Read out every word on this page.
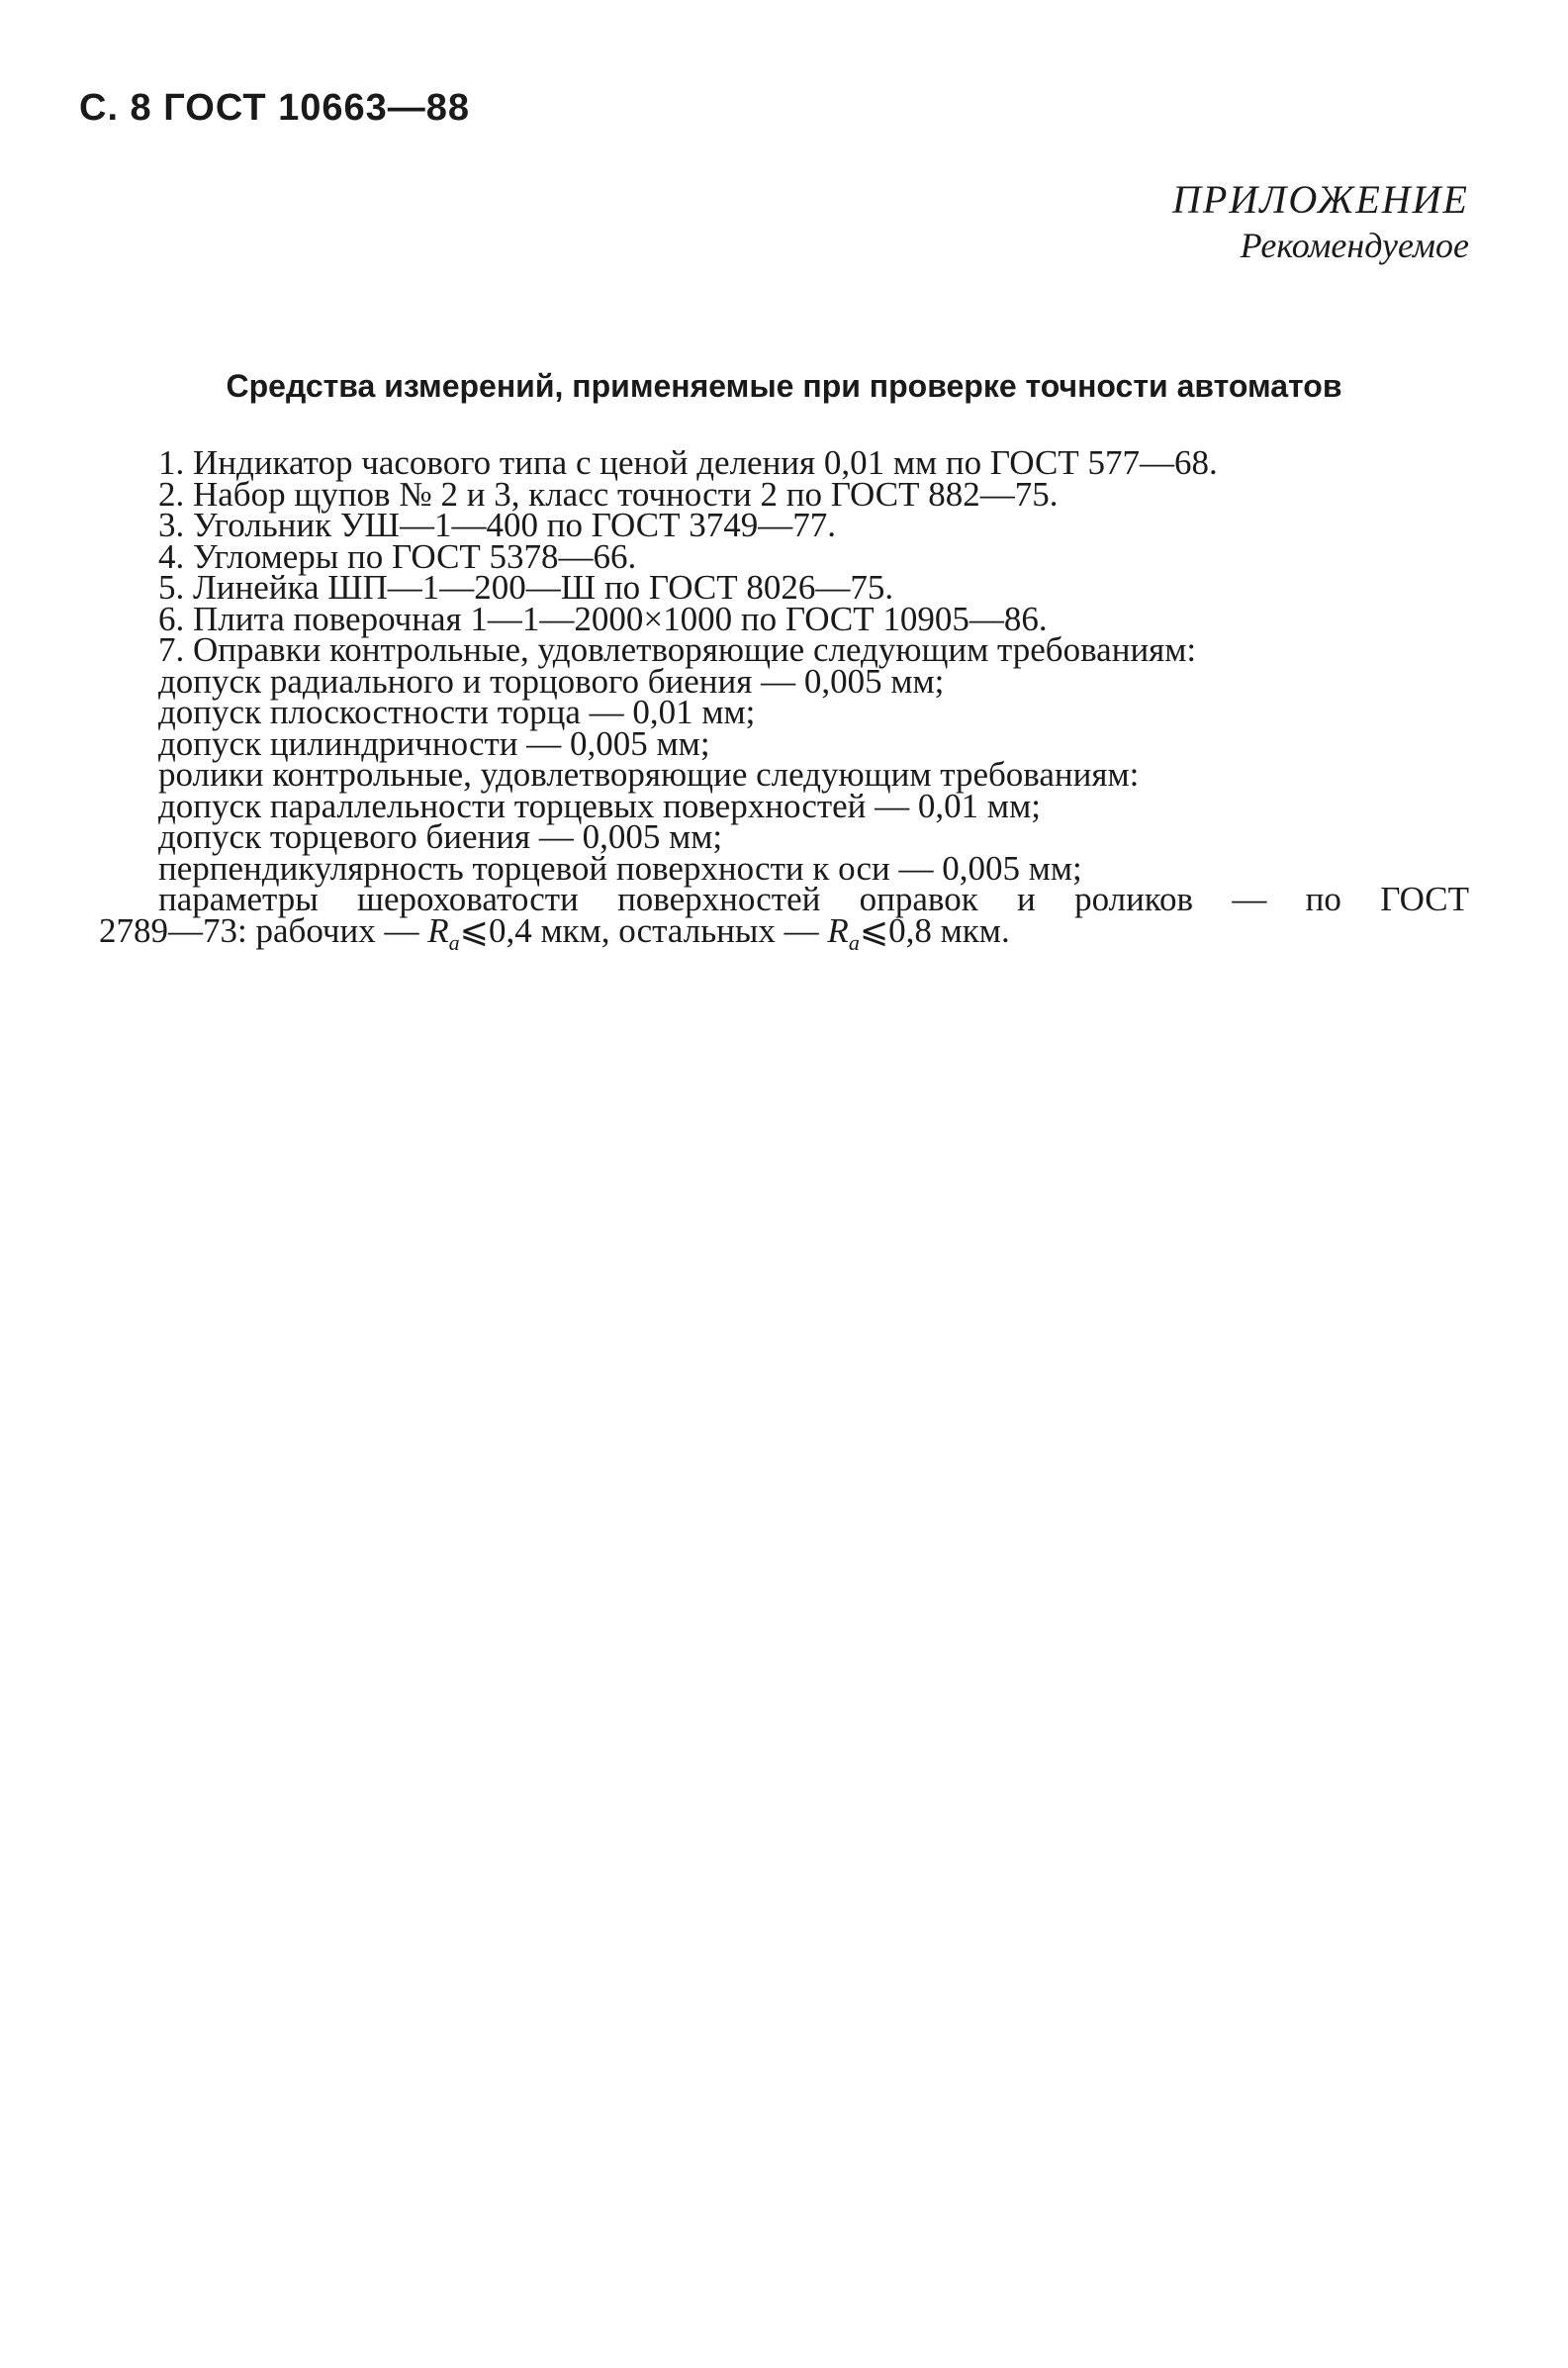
С. 8 ГОСТ 10663—88
ПРИЛОЖЕНИЕ
Рекомендуемое
Средства измерений, применяемые при проверке точности автоматов
1. Индикатор часового типа с ценой деления 0,01 мм по ГОСТ 577—68.
2. Набор щупов № 2 и 3, класс точности 2 по ГОСТ 882—75.
3. Угольник УШ—1—400 по ГОСТ 3749—77.
4. Угломеры по ГОСТ 5378—66.
5. Линейка ШП—1—200—Ш по ГОСТ 8026—75.
6. Плита поверочная 1—1—2000×1000 по ГОСТ 10905—86.
7. Оправки контрольные, удовлетворяющие следующим требованиям:
допуск радиального и торцового биения — 0,005 мм;
допуск плоскостности торца — 0,01 мм;
допуск цилиндричности — 0,005 мм;
ролики контрольные, удовлетворяющие следующим требованиям:
допуск параллельности торцевых поверхностей — 0,01 мм;
допуск торцевого биения — 0,005 мм;
перпендикулярность торцевой поверхности к оси — 0,005 мм;
параметры шероховатости поверхностей оправок и роликов — по ГОСТ
2789—73: рабочих — $R_a⩽0,4$ мкм, остальных — $R_a⩽0,8$ мкм.
